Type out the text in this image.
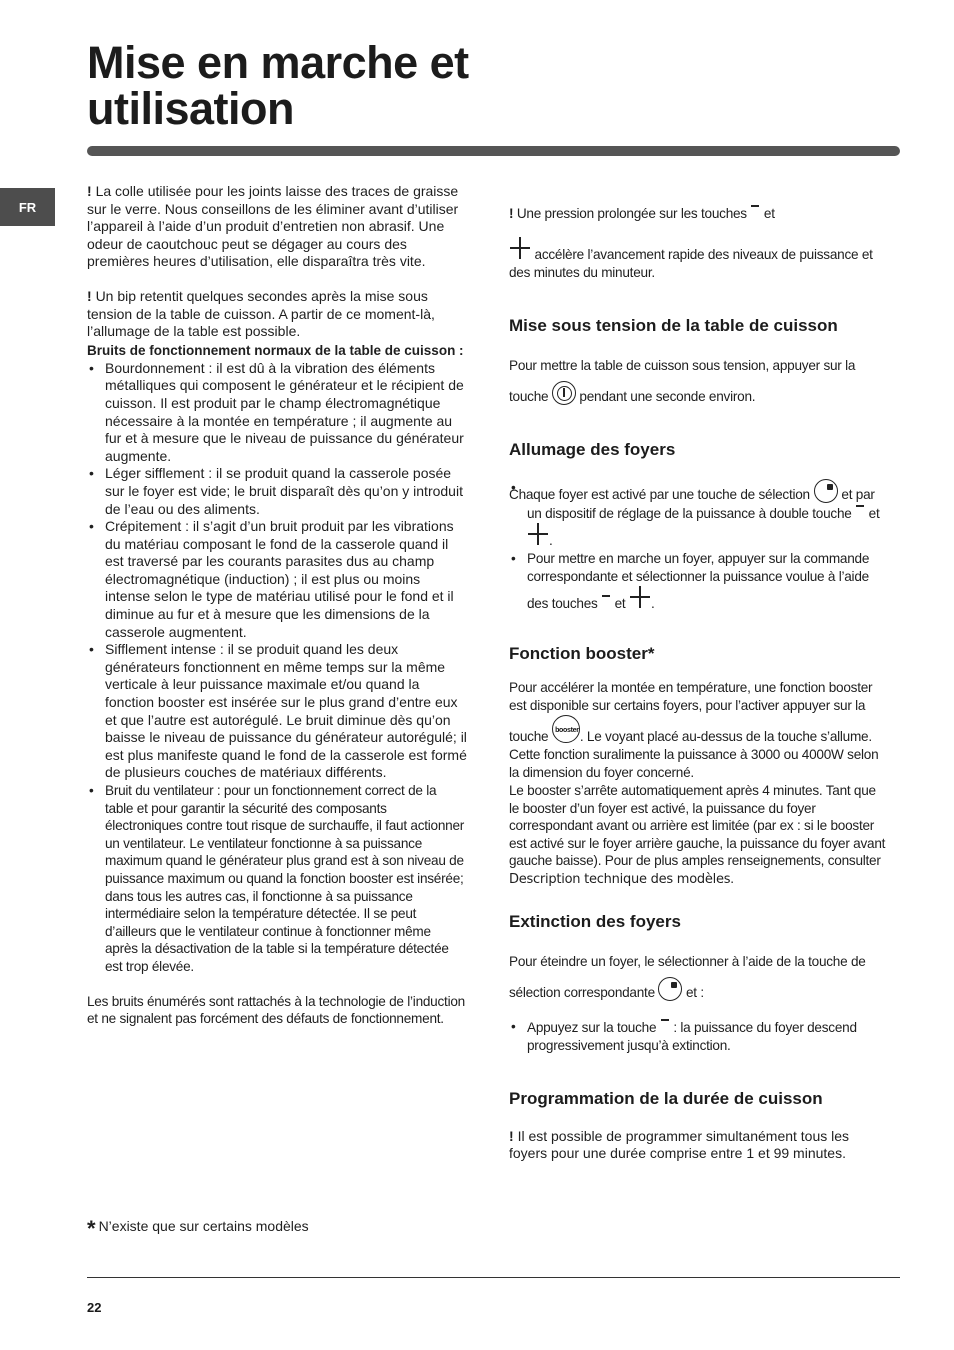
Mise en marche et
utilisation
FR

! La colle utilisée pour les joints laisse des traces de graisse sur le verre. Nous conseillons de les éliminer avant d’utiliser l’appareil à l’aide d’un produit d’entretien non abrasif. Une odeur de caoutchouc peut se dégager au cours des premières heures d’utilisation, elle disparaîtra très vite.

! Un bip retentit quelques secondes après la mise sous tension de la table de cuisson. A partir de ce moment-là, l’allumage de la table est possible.

Bruits de fonctionnement normaux de la table de cuisson :

• Bourdonnement : il est dû à la vibration des éléments métalliques qui composent le générateur et le récipient de cuisson. Il est produit par le champ électromagnétique nécessaire à la montée en température ; il augmente au fur et à mesure que le niveau de puissance du générateur augmente.
• Léger sifflement : il se produit quand la casserole posée sur le foyer est vide; le bruit disparaît dès qu’on y introduit de l’eau ou des aliments.
• Crépitement : il s’agit d’un bruit produit par les vibrations du matériau composant le fond de la casserole quand il est traversé par les courants parasites dus au champ électromagnétique (induction) ; il est plus ou moins intense selon le type de matériau utilisé pour le fond et il diminue au fur et à mesure que les dimensions de la casserole augmentent.
• Sifflement intense : il se produit quand les deux générateurs fonctionnent en même temps sur la même verticale à leur puissance maximale et/ou quand la fonction booster est insérée sur le plus grand d’entre eux et que l’autre est autorégulé. Le bruit diminue dès qu’on baisse le niveau de puissance du générateur autorégulé; il est plus manifeste quand le fond de la casserole est formé de plusieurs couches de matériaux différents.
• Bruit du ventilateur : pour un fonctionnement correct de la table et pour garantir la sécurité des composants électroniques contre tout risque de surchauffe, il faut actionner un ventilateur. Le ventilateur fonctionne à sa puissance maximum quand le générateur plus grand est à son niveau de puissance maximum ou quand la fonction booster est insérée; dans tous les autres cas, il fonctionne à sa puissance intermédiaire selon la température détectée. Il se peut d’ailleurs que le ventilateur continue à fonctionner même après la désactivation de la table si la température détectée est trop élevée.

Les bruits énumérés sont rattachés à la technologie de l’induction et ne signalent pas forcément des défauts de fonctionnement.

* N’existe que sur certains modèles

! Une pression prolongée sur les touches et
accélère l’avancement rapide des niveaux de puissance et des minutes du minuteur.

Mise sous tension de la table de cuisson

Pour mettre la table de cuisson sous tension, appuyer sur la touche pendant une seconde environ.

Allumage des foyers
• Chaque foyer est activé par une touche de sélection et par un dispositif de réglage de la puissance à double touche et .
• Pour mettre en marche un foyer, appuyer sur la commande correspondante et sélectionner la puissance voulue à l’aide des touches et .
Fonction booster*

Pour accélérer la montée en température, une fonction booster est disponible sur certains foyers, pour l’activer appuyer sur la touche booster . Le voyant placé au-dessus de la touche s’allume. Cette fonction suralimente la puissance à 3000 ou 4000W selon la dimension du foyer concerné.

Le booster s’arrête automatiquement après 4 minutes. Tant que le booster d’un foyer est activé, la puissance du foyer correspondant avant ou arrière est limitée (par ex : si le booster est activé sur le foyer arrière gauche, la puissance du foyer avant gauche baisse). Pour de plus amples renseignements, consulter Description technique des modèles.

Extinction des foyers

Pour éteindre un foyer, le sélectionner à l’aide de la touche de sélection correspondante et :

• Appuyez sur la touche : la puissance du foyer descend progressivement jusqu’à extinction.
Programmation de la durée de cuisson

! Il est possible de programmer simultanément tous les foyers pour une durée comprise entre 1 et 99 minutes.

22
